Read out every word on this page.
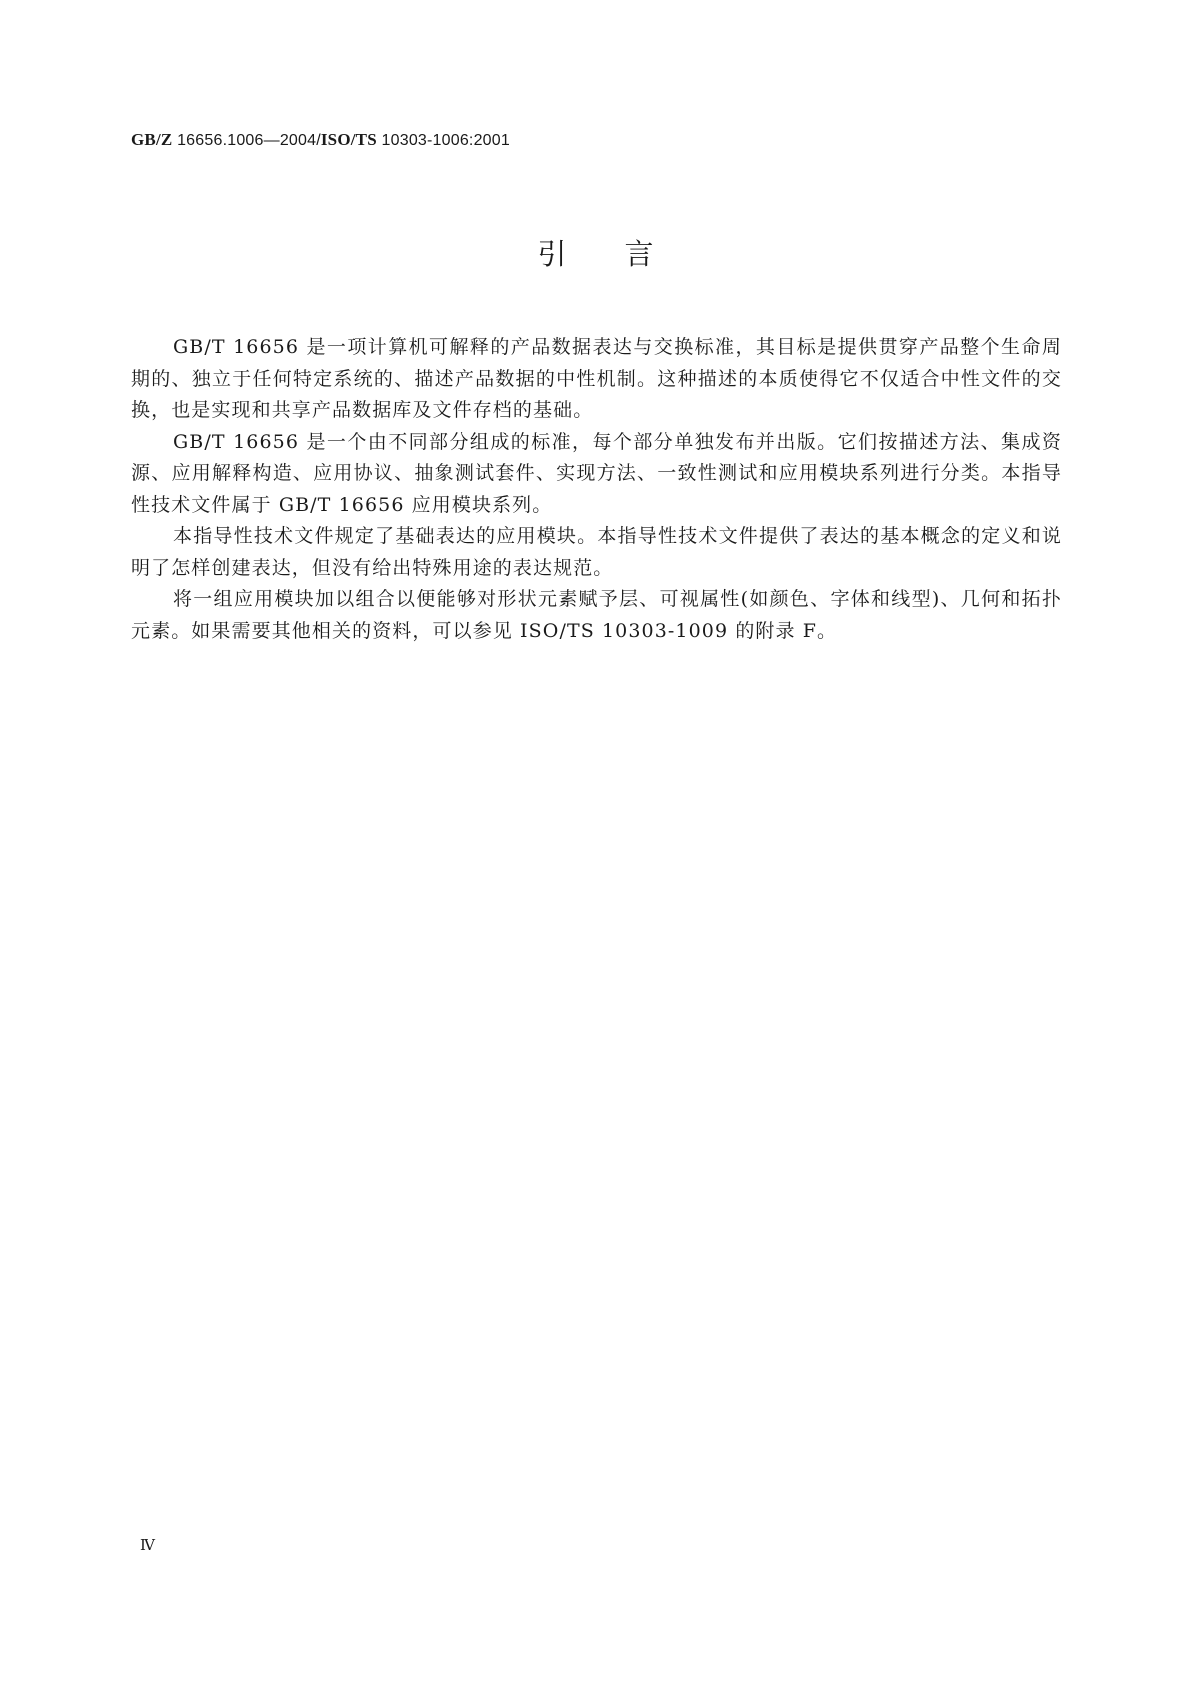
GB/Z 16656.1006—2004/ISO/TS 10303-1006:2001
引言

GB/T 16656 是一项计算机可解释的产品数据表达与交换标准，其目标是提供贯穿产品整个生命周期的、独立于任何特定系统的、描述产品数据的中性机制。这种描述的本质使得它不仅适合中性文件的交换，也是实现和共享产品数据库及文件存档的基础。

GB/T 16656 是一个由不同部分组成的标准，每个部分单独发布并出版。它们按描述方法、集成资源、应用解释构造、应用协议、抽象测试套件、实现方法、一致性测试和应用模块系列进行分类。本指导性技术文件属于 GB/T 16656 应用模块系列。

本指导性技术文件规定了基础表达的应用模块。本指导性技术文件提供了表达的基本概念的定义和说明了怎样创建表达，但没有给出特殊用途的表达规范。

将一组应用模块加以组合以便能够对形状元素赋予层、可视属性(如颜色、字体和线型)、几何和拓扑元素。如果需要其他相关的资料，可以参见 ISO/TS 10303-1009 的附录 F。

Ⅳ
